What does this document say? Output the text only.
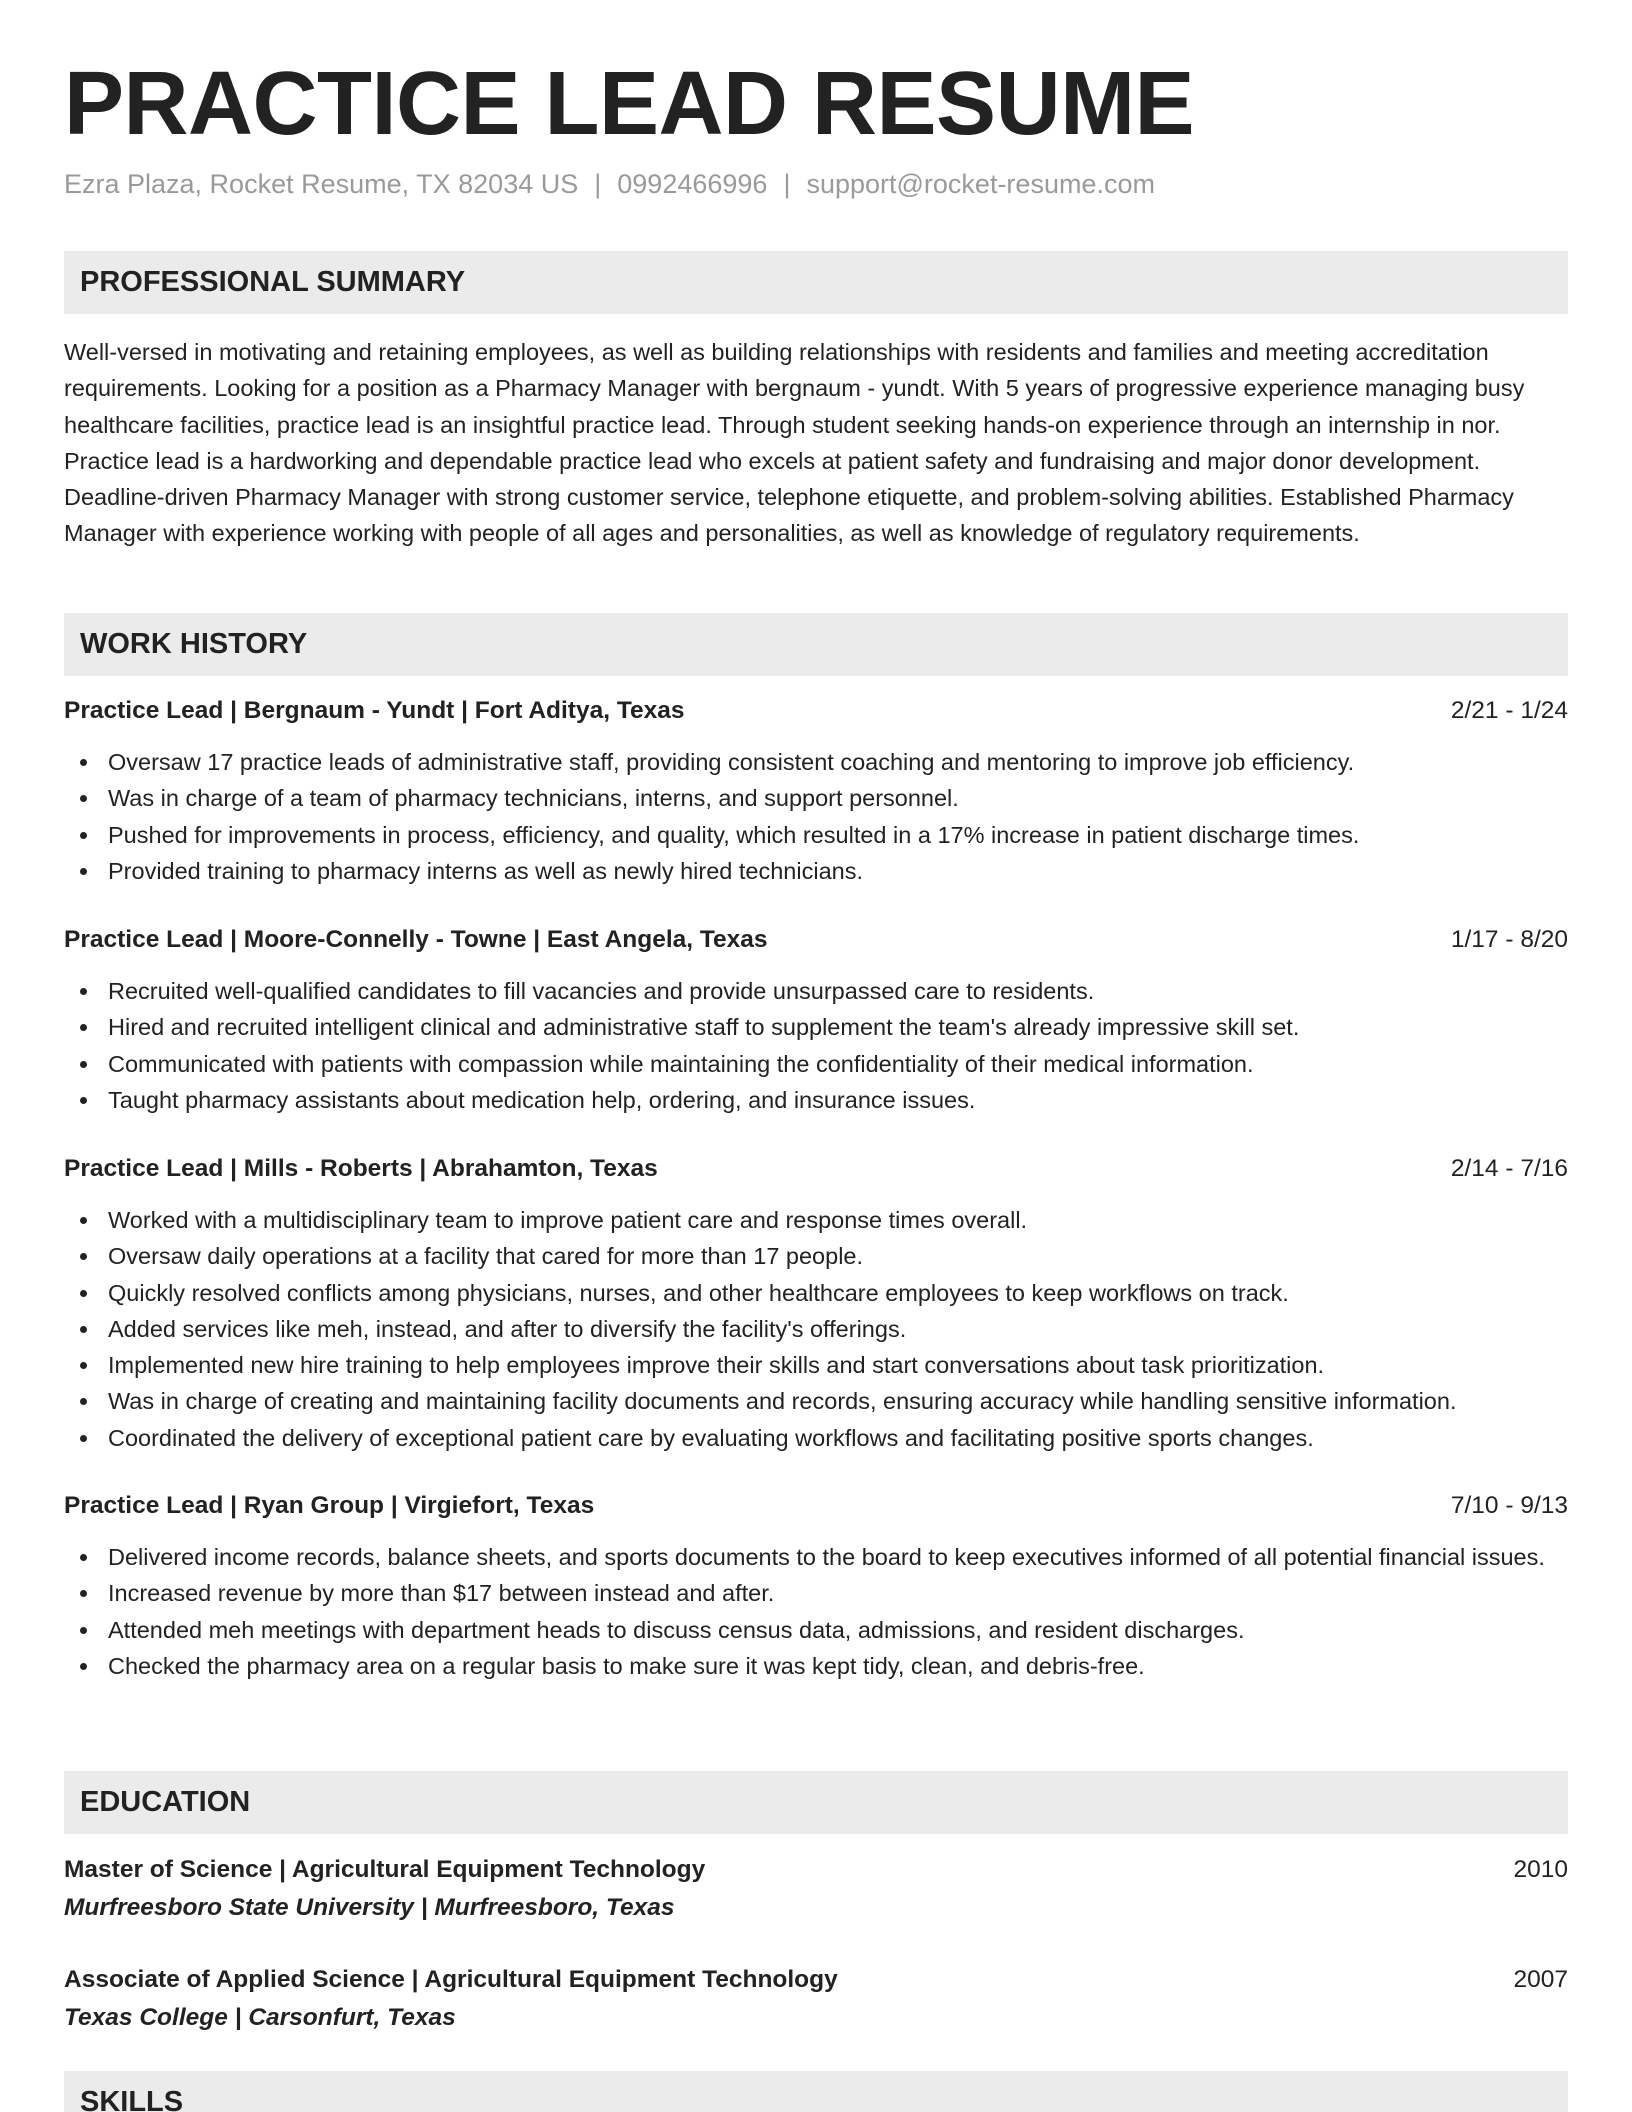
PRACTICE LEAD RESUME
Ezra Plaza, Rocket Resume, TX 82034 US | 0992466996 | support@rocket-resume.com
PROFESSIONAL SUMMARY
Well-versed in motivating and retaining employees, as well as building relationships with residents and families and meeting accreditation requirements. Looking for a position as a Pharmacy Manager with bergnaum - yundt. With 5 years of progressive experience managing busy healthcare facilities, practice lead is an insightful practice lead. Through student seeking hands-on experience through an internship in nor. Practice lead is a hardworking and dependable practice lead who excels at patient safety and fundraising and major donor development. Deadline-driven Pharmacy Manager with strong customer service, telephone etiquette, and problem-solving abilities. Established Pharmacy Manager with experience working with people of all ages and personalities, as well as knowledge of regulatory requirements.
WORK HISTORY
Practice Lead | Bergnaum - Yundt | Fort Aditya, Texas	2/21 - 1/24
Oversaw 17 practice leads of administrative staff, providing consistent coaching and mentoring to improve job efficiency.
Was in charge of a team of pharmacy technicians, interns, and support personnel.
Pushed for improvements in process, efficiency, and quality, which resulted in a 17% increase in patient discharge times.
Provided training to pharmacy interns as well as newly hired technicians.
Practice Lead | Moore-Connelly - Towne | East Angela, Texas	1/17 - 8/20
Recruited well-qualified candidates to fill vacancies and provide unsurpassed care to residents.
Hired and recruited intelligent clinical and administrative staff to supplement the team's already impressive skill set.
Communicated with patients with compassion while maintaining the confidentiality of their medical information.
Taught pharmacy assistants about medication help, ordering, and insurance issues.
Practice Lead | Mills - Roberts | Abrahamton, Texas	2/14 - 7/16
Worked with a multidisciplinary team to improve patient care and response times overall.
Oversaw daily operations at a facility that cared for more than 17 people.
Quickly resolved conflicts among physicians, nurses, and other healthcare employees to keep workflows on track.
Added services like meh, instead, and after to diversify the facility's offerings.
Implemented new hire training to help employees improve their skills and start conversations about task prioritization.
Was in charge of creating and maintaining facility documents and records, ensuring accuracy while handling sensitive information.
Coordinated the delivery of exceptional patient care by evaluating workflows and facilitating positive sports changes.
Practice Lead | Ryan Group | Virgiefort, Texas	7/10 - 9/13
Delivered income records, balance sheets, and sports documents to the board to keep executives informed of all potential financial issues.
Increased revenue by more than $17 between instead and after.
Attended meh meetings with department heads to discuss census data, admissions, and resident discharges.
Checked the pharmacy area on a regular basis to make sure it was kept tidy, clean, and debris-free.
EDUCATION
Master of Science | Agricultural Equipment Technology	2010
Murfreesboro State University | Murfreesboro, Texas
Associate of Applied Science | Agricultural Equipment Technology	2007
Texas College | Carsonfurt, Texas
SKILLS
